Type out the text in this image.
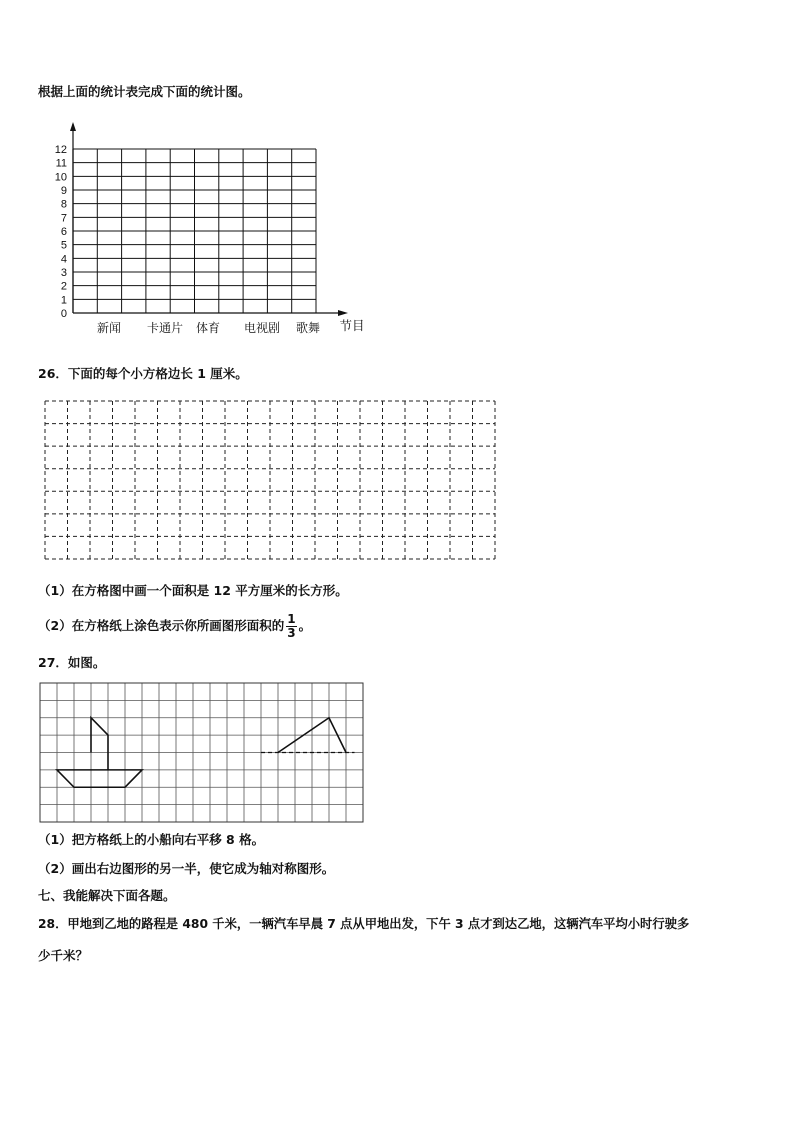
根据上面的统计表完成下面的统计图。
0
1
2
3
4
5
6
7
8
9
10
11
12
新闻 卡通片 体育 电视剧 歌舞 节目
26．下面的每个小方格边长 1 厘米。
（1）在方格图中画一个面积是 12 平方厘米的长方形。
（2）在方格纸上涂色表示你所画图形面积的 $\frac{1}{3}$ 。
27．如图。
（1）把方格纸上的小船向右平移 8 格。
（2）画出右边图形的另一半，使它成为轴对称图形。
七、我能解决下面各题。
28．甲地到乙地的路程是 480 千米，一辆汽车早晨 7 点从甲地出发，下午 3 点才到达乙地，这辆汽车平均小时行驶多
少千米？
